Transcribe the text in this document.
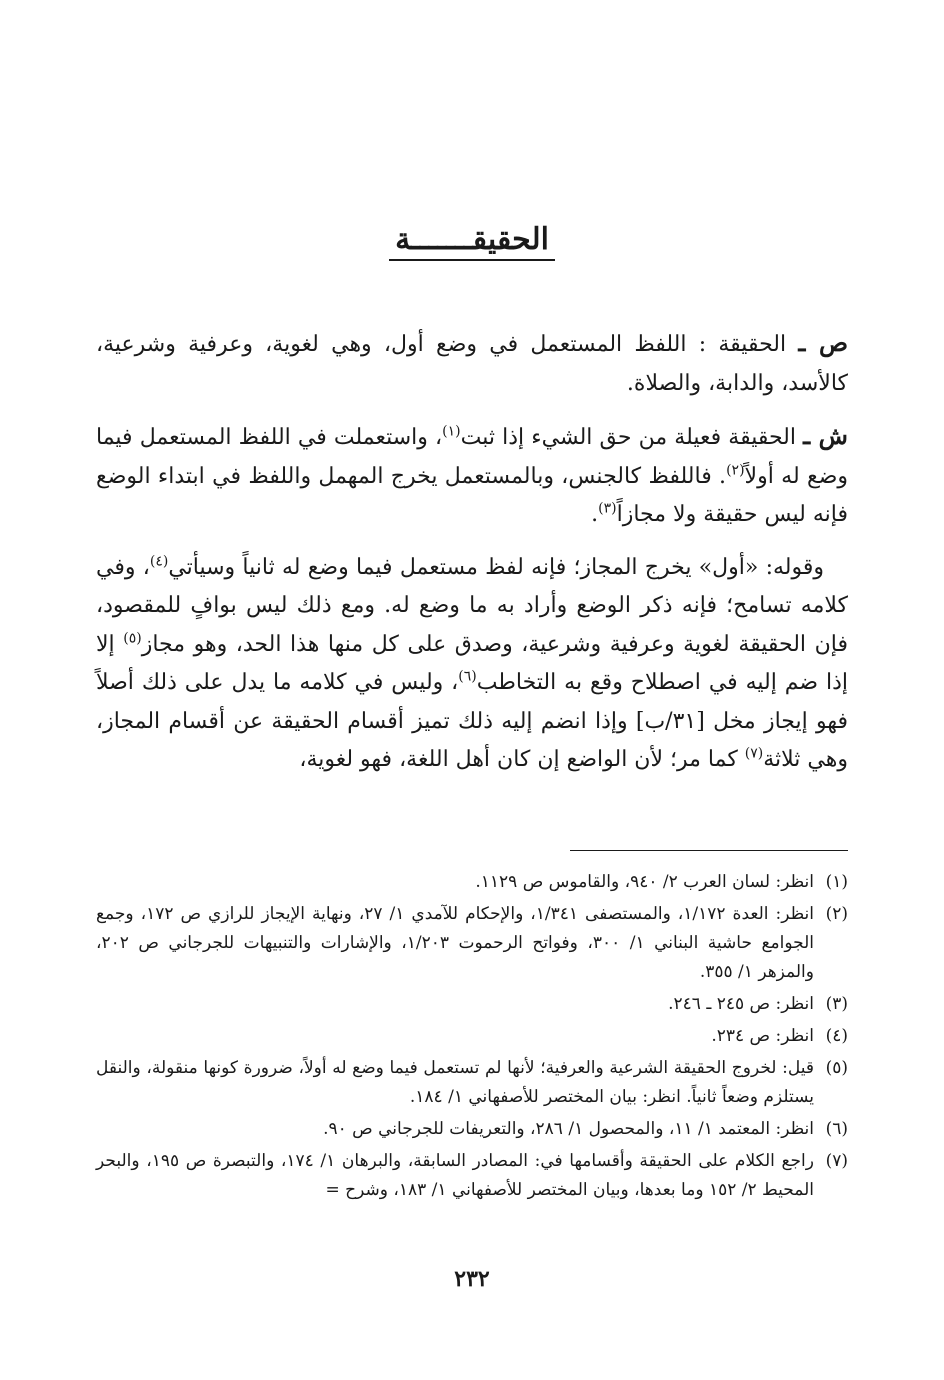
الحقيقـــــــة

ص ـ الحقيقة : اللفظ المستعمل في وضع أول، وهي لغوية، وعرفية وشرعية، كالأسد، والدابة، والصلاة.

ش ـ الحقيقة فعيلة من حق الشيء إذا ثبت$^{(١)}$، واستعملت في اللفظ المستعمل فيما وضع له أولاً$^{(٢)}$. فاللفظ كالجنس، وبالمستعمل يخرج المهمل واللفظ في ابتداء الوضع فإنه ليس حقيقة ولا مجازاً$^{(٣)}$.

وقوله: «أول» يخرج المجاز؛ فإنه لفظ مستعمل فيما وضع له ثانياً وسيأتي$^{(٤)}$، وفي كلامه تسامح؛ فإنه ذكر الوضع وأراد به ما وضع له. ومع ذلك ليس بوافٍ للمقصود، فإن الحقيقة لغوية وعرفية وشرعية، وصدق على كل منها هذا الحد، وهو مجاز$^{(٥)}$ إلا إذا ضم إليه في اصطلاح وقع به التخاطب$^{(٦)}$، وليس في كلامه ما يدل على ذلك أصلاً فهو إيجاز مخل [٣١/ب] وإذا انضم إليه ذلك تميز أقسام الحقيقة عن أقسام المجاز، وهي ثلاثة$^{(٧)}$ كما مر؛ لأن الواضع إن كان أهل اللغة، فهو لغوية،

(١)
انظر: لسان العرب ٢/ ٩٤٠، والقاموس ص ١١٢٩.
(٢)
انظر: العدة ١/١٧٢، والمستصفى ١/٣٤١، والإحكام للآمدي ١/ ٢٧، ونهاية الإيجاز للرازي ص ١٧٢، وجمع الجوامع حاشية البناني ١/ ٣٠٠، وفواتح الرحموت ١/٢٠٣، والإشارات والتنبيهات للجرجاني ص ٢٠٢، والمزهر ١/ ٣٥٥.
(٣)
انظر: ص ٢٤٥ ـ ٢٤٦.
(٤)
انظر: ص ٢٣٤.
(٥)
قيل: لخروج الحقيقة الشرعية والعرفية؛ لأنها لم تستعمل فيما وضع له أولاً، ضرورة كونها منقولة، والنقل يستلزم وضعاً ثانياً. انظر: بيان المختصر للأصفهاني ١/ ١٨٤.
(٦)
انظر: المعتمد ١/ ١١، والمحصول ١/ ٢٨٦، والتعريفات للجرجاني ص ٩٠.
(٧)
راجع الكلام على الحقيقة وأقسامها في: المصادر السابقة، والبرهان ١/ ١٧٤، والتبصرة ص ١٩٥، والبحر المحيط ٢/ ١٥٢ وما بعدها، وبيان المختصر للأصفهاني ١/ ١٨٣، وشرح =
٢٣٢
